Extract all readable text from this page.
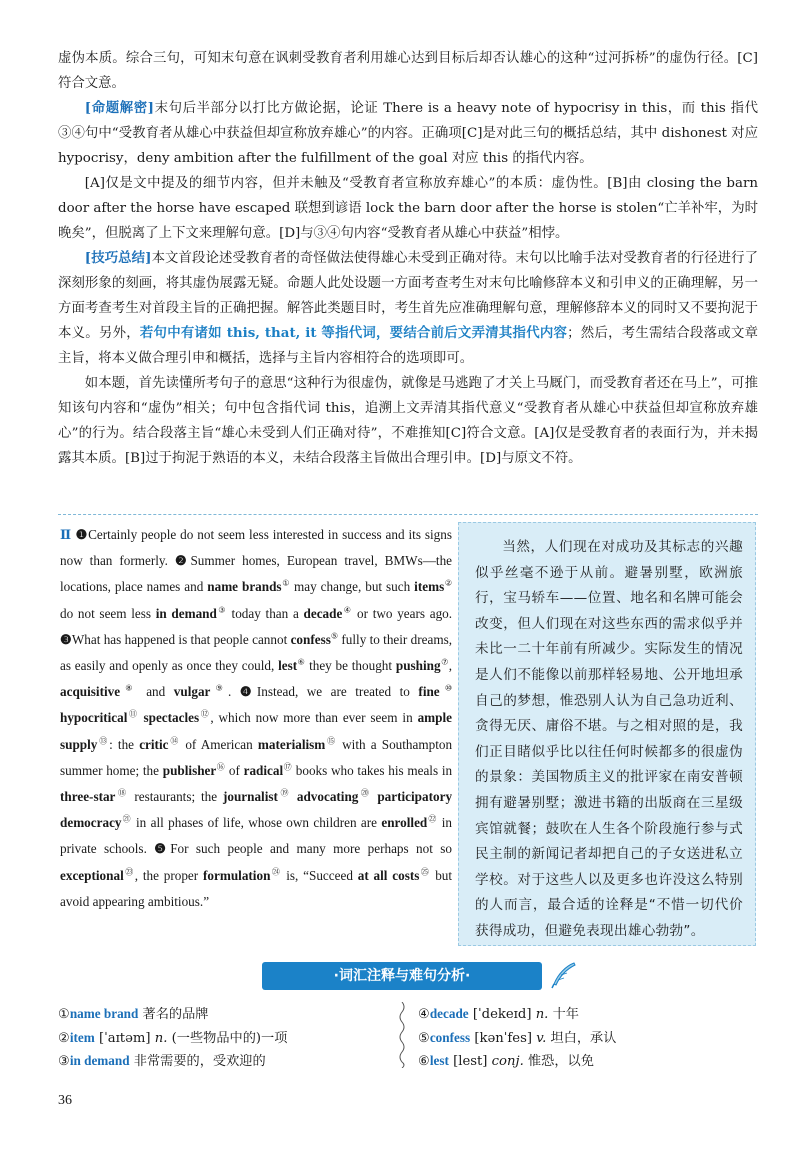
虚伪本质。综合三句，可知末句意在讽刺受教育者利用雄心达到目标后却否认雄心的这种“过河拆桥”的虚伪行径。[C]符合文意。
[命题解密]末句后半部分以打比方做论据，论证 There is a heavy note of hypocrisy in this，而 this 指代③④句中“受教育者从雄心中获益但却宣称放弃雄心”的内容。正确项[C]是对此三句的概括总结，其中 dishonest 对应 hypocrisy，deny ambition after the fulfillment of the goal 对应 this 的指代内容。
[A]仅是文中提及的细节内容，但并未触及“受教育者宣称放弃雄心”的本质：虚伪性。[B]由 closing the barn door after the horse have escaped 联想到谚语 lock the barn door after the horse is stolen“亡羊补牢，为时晚矣”，但脱离了上下文来理解句意。[D]与③④句内容“受教育者从雄心中获益”相悖。
[技巧总结]本文首段论述受教育者的奇怪做法使得雄心未受到正确对待。末句以比喻手法对受教育者的行径进行了深刻形象的刻画，将其虚伪展露无疑。命题人此处设题一方面考查考生对末句比喻修辞本义和引申义的正确理解，另一方面考查考生对首段主旨的正确把握。解答此类题目时，考生首先应准确理解句意，理解修辞本义的同时又不要拘泥于本义。另外，若句中有诸如 this, that, it 等指代词，要结合前后文弄清其指代内容；然后，考生需结合段落或文章主旨，将本义做合理引申和概括，选择与主旨内容相符合的选项即可。
如本题，首先读懂所考句子的意思“这种行为很虚伪，就像是马逃跑了才关上马厩门，而受教育者还在马上”，可推知该句内容和“虚伪”相关；句中包含指代词 this，追溯上文弄清其指代意义“受教育者从雄心中获益但却宣称放弃雄心”的行为。结合段落主旨“雄心未受到人们正确对待”，不难推知[C]符合文意。[A]仅是受教育者的表面行为，并未揭露其本质。[B]过于拘泥于熟语的本义，未结合段落主旨做出合理引申。[D]与原文不符。
Ⅱ ❶Certainly people do not seem less interested in success and its signs now than formerly. ❷Summer homes, European travel, BMWs—the locations, place names and name brands① may change, but such items② do not seem less in demand③ today than a decade④ or two years ago. ❸What has happened is that people cannot confess⑤ fully to their dreams, as easily and openly as once they could, lest⑥ they be thought pushing⑦, acquisitive⑧ and vulgar⑨. ❹Instead, we are treated to fine⑩ hypocritical⑪ spectacles⑫, which now more than ever seem in ample supply⑬: the critic⑭ of American materialism⑮ with a Southampton summer home; the publisher⑯ of radical⑰ books who takes his meals in three-star⑱ restaurants; the journalist⑲ advocating⑳ participatory democracy$^㉑$ in all phases of life, whose own children are enrolled$^㉒$ in private schools. ❺For such people and many more perhaps not so exceptional$^㉓$, the proper formulation$^㉔$ is, “Succeed at all costs$^㉕$ but avoid appearing ambitious.”
当然，人们现在对成功及其标志的兴趣似乎丝毫不逊于从前。避暑别墅，欧洲旅行，宝马轿车——位置、地名和名牌可能会改变，但人们现在对这些东西的需求似乎并未比一二十年前有所减少。实际发生的情况是人们不能像以前那样轻易地、公开地坦承自己的梦想，惟恐别人认为自己急功近利、贪得无厌、庸俗不堪。与之相对照的是，我们正目睹似乎比以往任何时候都多的很虚伪的景象：美国物质主义的批评家在南安普顿拥有避暑别墅；激进书籍的出版商在三星级宾馆就餐；鼓吹在人生各个阶段施行参与式民主制的新闻记者却把自己的子女送进私立学校。对于这些人以及更多也许没这么特别的人而言，最合适的诠释是“不惜一切代价获得成功，但避免表现出雄心勃勃”。
·词汇注释与难句分析·
①name brand 著名的品牌
②item [ˈaɪtəm] n. (一些物品中的)一项
③in demand 非常需要的，受欢迎的
④decade [ˈdekeɪd] n. 十年
⑤confess [kənˈfes] v. 坦白，承认
⑥lest [lest] conj. 惟恐，以免
36
